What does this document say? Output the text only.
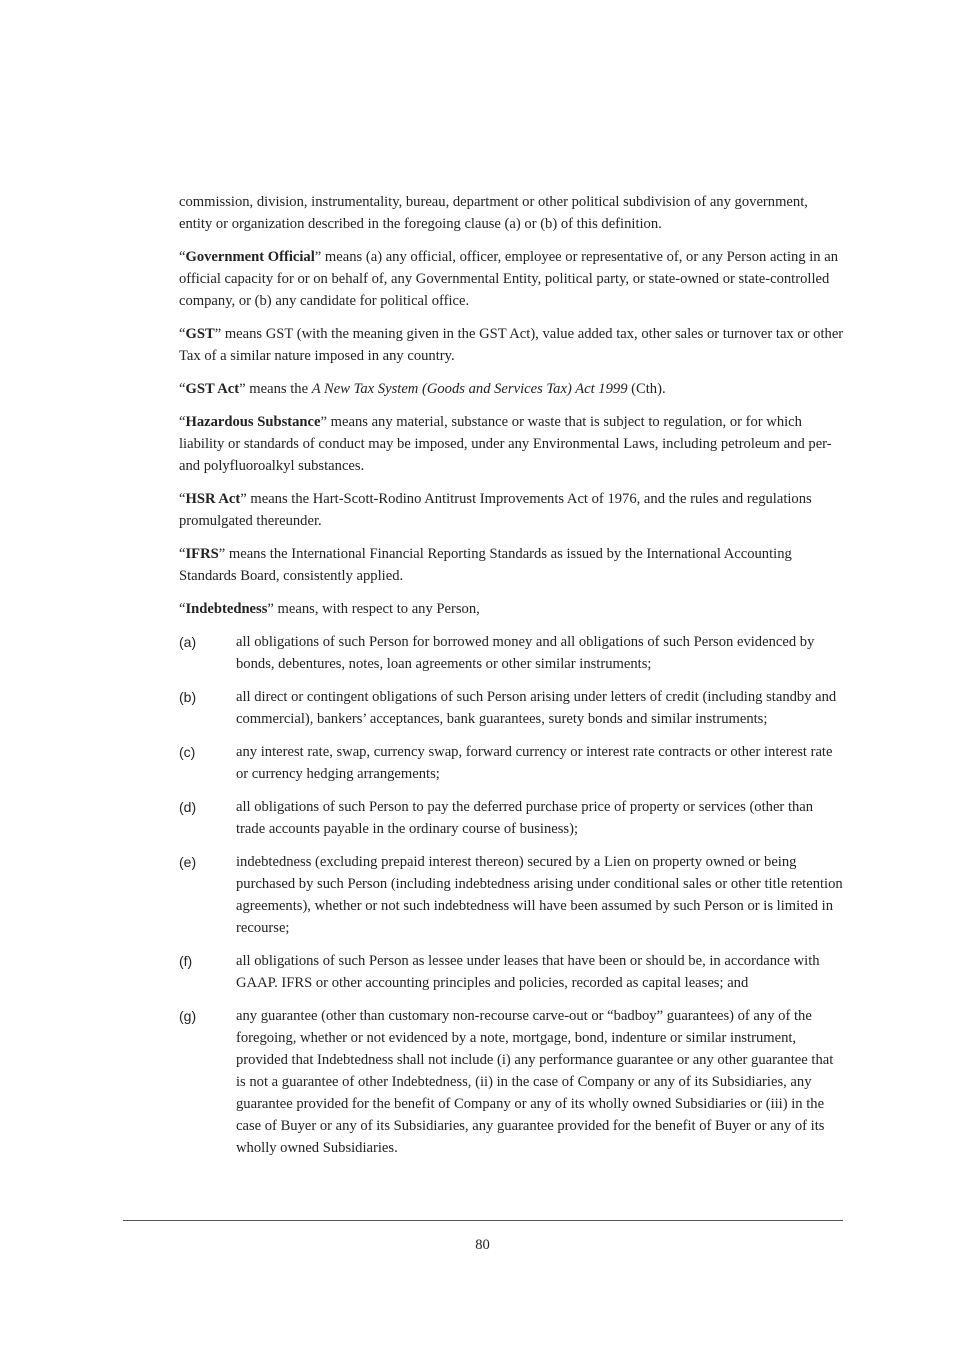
commission, division, instrumentality, bureau, department or other political subdivision of any government, entity or organization described in the foregoing clause (a) or (b) of this definition.

“Government Official” means (a) any official, officer, employee or representative of, or any Person acting in an official capacity for or on behalf of, any Governmental Entity, political party, or state-owned or state-controlled company, or (b) any candidate for political office.

“GST” means GST (with the meaning given in the GST Act), value added tax, other sales or turnover tax or other Tax of a similar nature imposed in any country.

“GST Act” means the A New Tax System (Goods and Services Tax) Act 1999 (Cth).

“Hazardous Substance” means any material, substance or waste that is subject to regulation, or for which liability or standards of conduct may be imposed, under any Environmental Laws, including petroleum and per- and polyfluoroalkyl substances.

“HSR Act” means the Hart-Scott-Rodino Antitrust Improvements Act of 1976, and the rules and regulations promulgated thereunder.

“IFRS” means the International Financial Reporting Standards as issued by the International Accounting Standards Board, consistently applied.

“Indebtedness” means, with respect to any Person,

(a)	all obligations of such Person for borrowed money and all obligations of such Person evidenced by bonds, debentures, notes, loan agreements or other similar instruments;
(b)	all direct or contingent obligations of such Person arising under letters of credit (including standby and commercial), bankers’ acceptances, bank guarantees, surety bonds and similar instruments;
(c)	any interest rate, swap, currency swap, forward currency or interest rate contracts or other interest rate or currency hedging arrangements;
(d)	all obligations of such Person to pay the deferred purchase price of property or services (other than trade accounts payable in the ordinary course of business);
(e)	indebtedness (excluding prepaid interest thereon) secured by a Lien on property owned or being purchased by such Person (including indebtedness arising under conditional sales or other title retention agreements), whether or not such indebtedness will have been assumed by such Person or is limited in recourse;
(f)	all obligations of such Person as lessee under leases that have been or should be, in accordance with GAAP. IFRS or other accounting principles and policies, recorded as capital leases; and
(g)	any guarantee (other than customary non-recourse carve-out or “badboy” guarantees) of any of the foregoing, whether or not evidenced by a note, mortgage, bond, indenture or similar instrument, provided that Indebtedness shall not include (i) any performance guarantee or any other guarantee that is not a guarantee of other Indebtedness, (ii) in the case of Company or any of its Subsidiaries, any guarantee provided for the benefit of Company or any of its wholly owned Subsidiaries or (iii) in the case of Buyer or any of its Subsidiaries, any guarantee provided for the benefit of Buyer or any of its wholly owned Subsidiaries.
80
